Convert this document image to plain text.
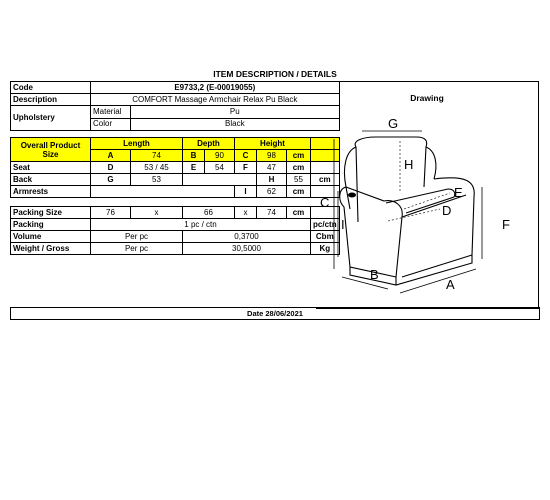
ITEM DESCRIPTION / DETAILS
Code	E9733,2 (E-00019055)							
Description	COMFORT Massage Armchair Relax Pu Black							
Upholstery	Material	Pu						
	Color	Black						

Overall Product Size	Length		Depth		Height			
	A	74	B	90	C	98	cm	
Seat	D	53 / 45	E	54	F	47	cm	
Back	G	53				H	55	cm
Armrests					I	62	cm	

Packing Size	76	x	66		x	74	cm	
Packing	1 pc / ctn							pc/ctn
Volume	Per pc		0,3700					Cbm
Weight / Gross	Per pc		30,5000					Kg
Drawing
G
H
C
I
E
D
F
B
A
Date 28/06/2021
